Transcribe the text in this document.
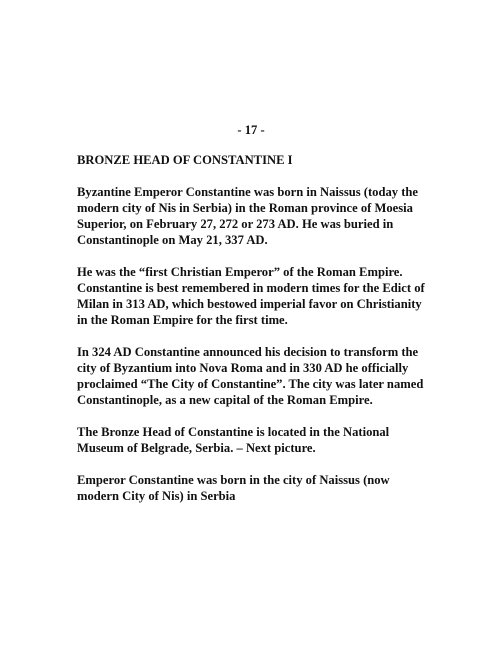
- 17 -
BRONZE HEAD OF CONSTANTINE I
Byzantine Emperor Constantine was born in Naissus (today the modern city of Nis in Serbia) in the Roman province of Moesia Superior, on February 27, 272 or 273 AD. He was buried in Constantinople on May 21, 337 AD.
He was the “first Christian Emperor” of the Roman Empire. Constantine is best remembered in modern times for the Edict of Milan in 313 AD, which bestowed imperial favor on Christianity in the Roman Empire for the first time.
In 324 AD Constantine announced his decision to transform the city of Byzantium into Nova Roma and in 330 AD he officially proclaimed “The City of Constantine”. The city was later named Constantinople, as a new capital of the Roman Empire.
The Bronze Head of Constantine is located in the National Museum of Belgrade, Serbia. – Next picture.
Emperor Constantine was born in the city of Naissus (now modern City of Nis) in Serbia
